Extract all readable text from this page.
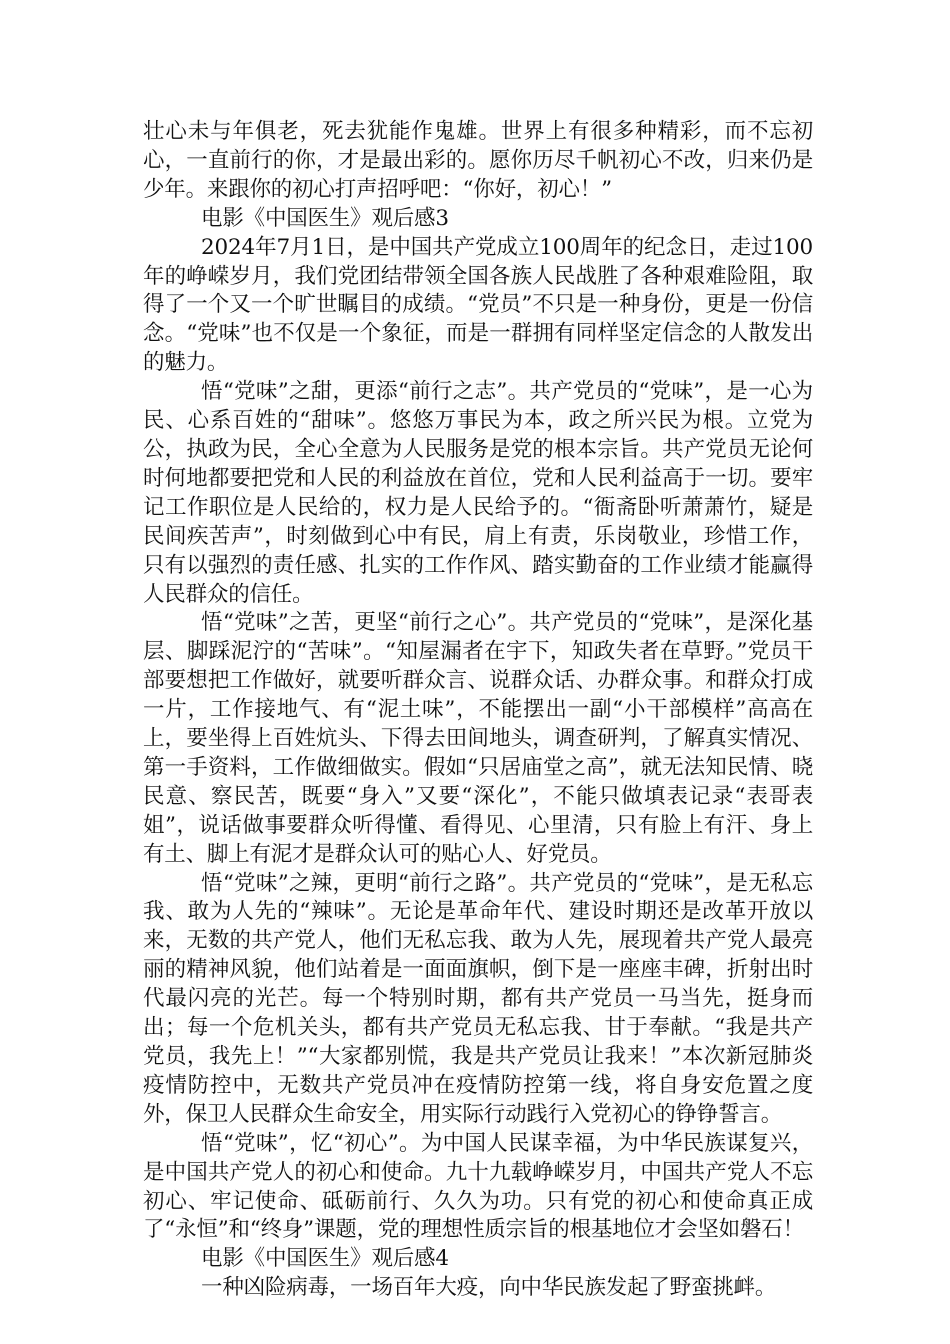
壮心未与年俱老，死去犹能作鬼雄。世界上有很多种精彩，而不忘初心，一直前行的你，才是最出彩的。愿你历尽千帆初心不改，归来仍是少年。来跟你的初心打声招呼吧：“你好，初心！”

电影《中国医生》观后感3

2024年7月1日，是中国共产党成立100周年的纪念日，走过100年的峥嵘岁月，我们党团结带领全国各族人民战胜了各种艰难险阻，取得了一个又一个旷世瞩目的成绩。“党员”不只是一种身份，更是一份信念。“党味”也不仅是一个象征，而是一群拥有同样坚定信念的人散发出的魅力。

悟“党味”之甜，更添“前行之志”。共产党员的“党味”，是一心为民、心系百姓的“甜味”。悠悠万事民为本，政之所兴民为根。立党为公，执政为民，全心全意为人民服务是党的根本宗旨。共产党员无论何时何地都要把党和人民的利益放在首位，党和人民利益高于一切。要牢记工作职位是人民给的，权力是人民给予的。“衙斋卧听萧萧竹，疑是民间疾苦声”，时刻做到心中有民，肩上有责，乐岗敬业，珍惜工作，只有以强烈的责任感、扎实的工作作风、踏实勤奋的工作业绩才能赢得人民群众的信任。

悟“党味”之苦，更坚“前行之心”。共产党员的“党味”，是深化基层、脚踩泥泞的“苦味”。“知屋漏者在宇下，知政失者在草野。”党员干部要想把工作做好，就要听群众言、说群众话、办群众事。和群众打成一片，工作接地气、有“泥土味”，不能摆出一副“小干部模样”高高在上，要坐得上百姓炕头、下得去田间地头，调查研判，了解真实情况、第一手资料，工作做细做实。假如“只居庙堂之高”，就无法知民情、晓民意、察民苦，既要“身入”又要“深化”，不能只做填表记录“表哥表姐”，说话做事要群众听得懂、看得见、心里清，只有脸上有汗、身上有土、脚上有泥才是群众认可的贴心人、好党员。

悟“党味”之辣，更明“前行之路”。共产党员的“党味”，是无私忘我、敢为人先的“辣味”。无论是革命年代、建设时期还是改革开放以来，无数的共产党人，他们无私忘我、敢为人先，展现着共产党人最亮丽的精神风貌，他们站着是一面面旗帜，倒下是一座座丰碑，折射出时代最闪亮的光芒。每一个特别时期，都有共产党员一马当先，挺身而出；每一个危机关头，都有共产党员无私忘我、甘于奉献。“我是共产党员，我先上！”“大家都别慌，我是共产党员让我来！”本次新冠肺炎疫情防控中，无数共产党员冲在疫情防控第一线，将自身安危置之度外，保卫人民群众生命安全，用实际行动践行入党初心的铮铮誓言。

悟“党味”，忆“初心”。为中国人民谋幸福，为中华民族谋复兴，是中国共产党人的初心和使命。九十九载峥嵘岁月，中国共产党人不忘初心、牢记使命、砥砺前行、久久为功。只有党的初心和使命真正成了“永恒”和“终身”课题，党的理想性质宗旨的根基地位才会坚如磐石！

电影《中国医生》观后感4

一种凶险病毒，一场百年大疫，向中华民族发起了野蛮挑衅。
